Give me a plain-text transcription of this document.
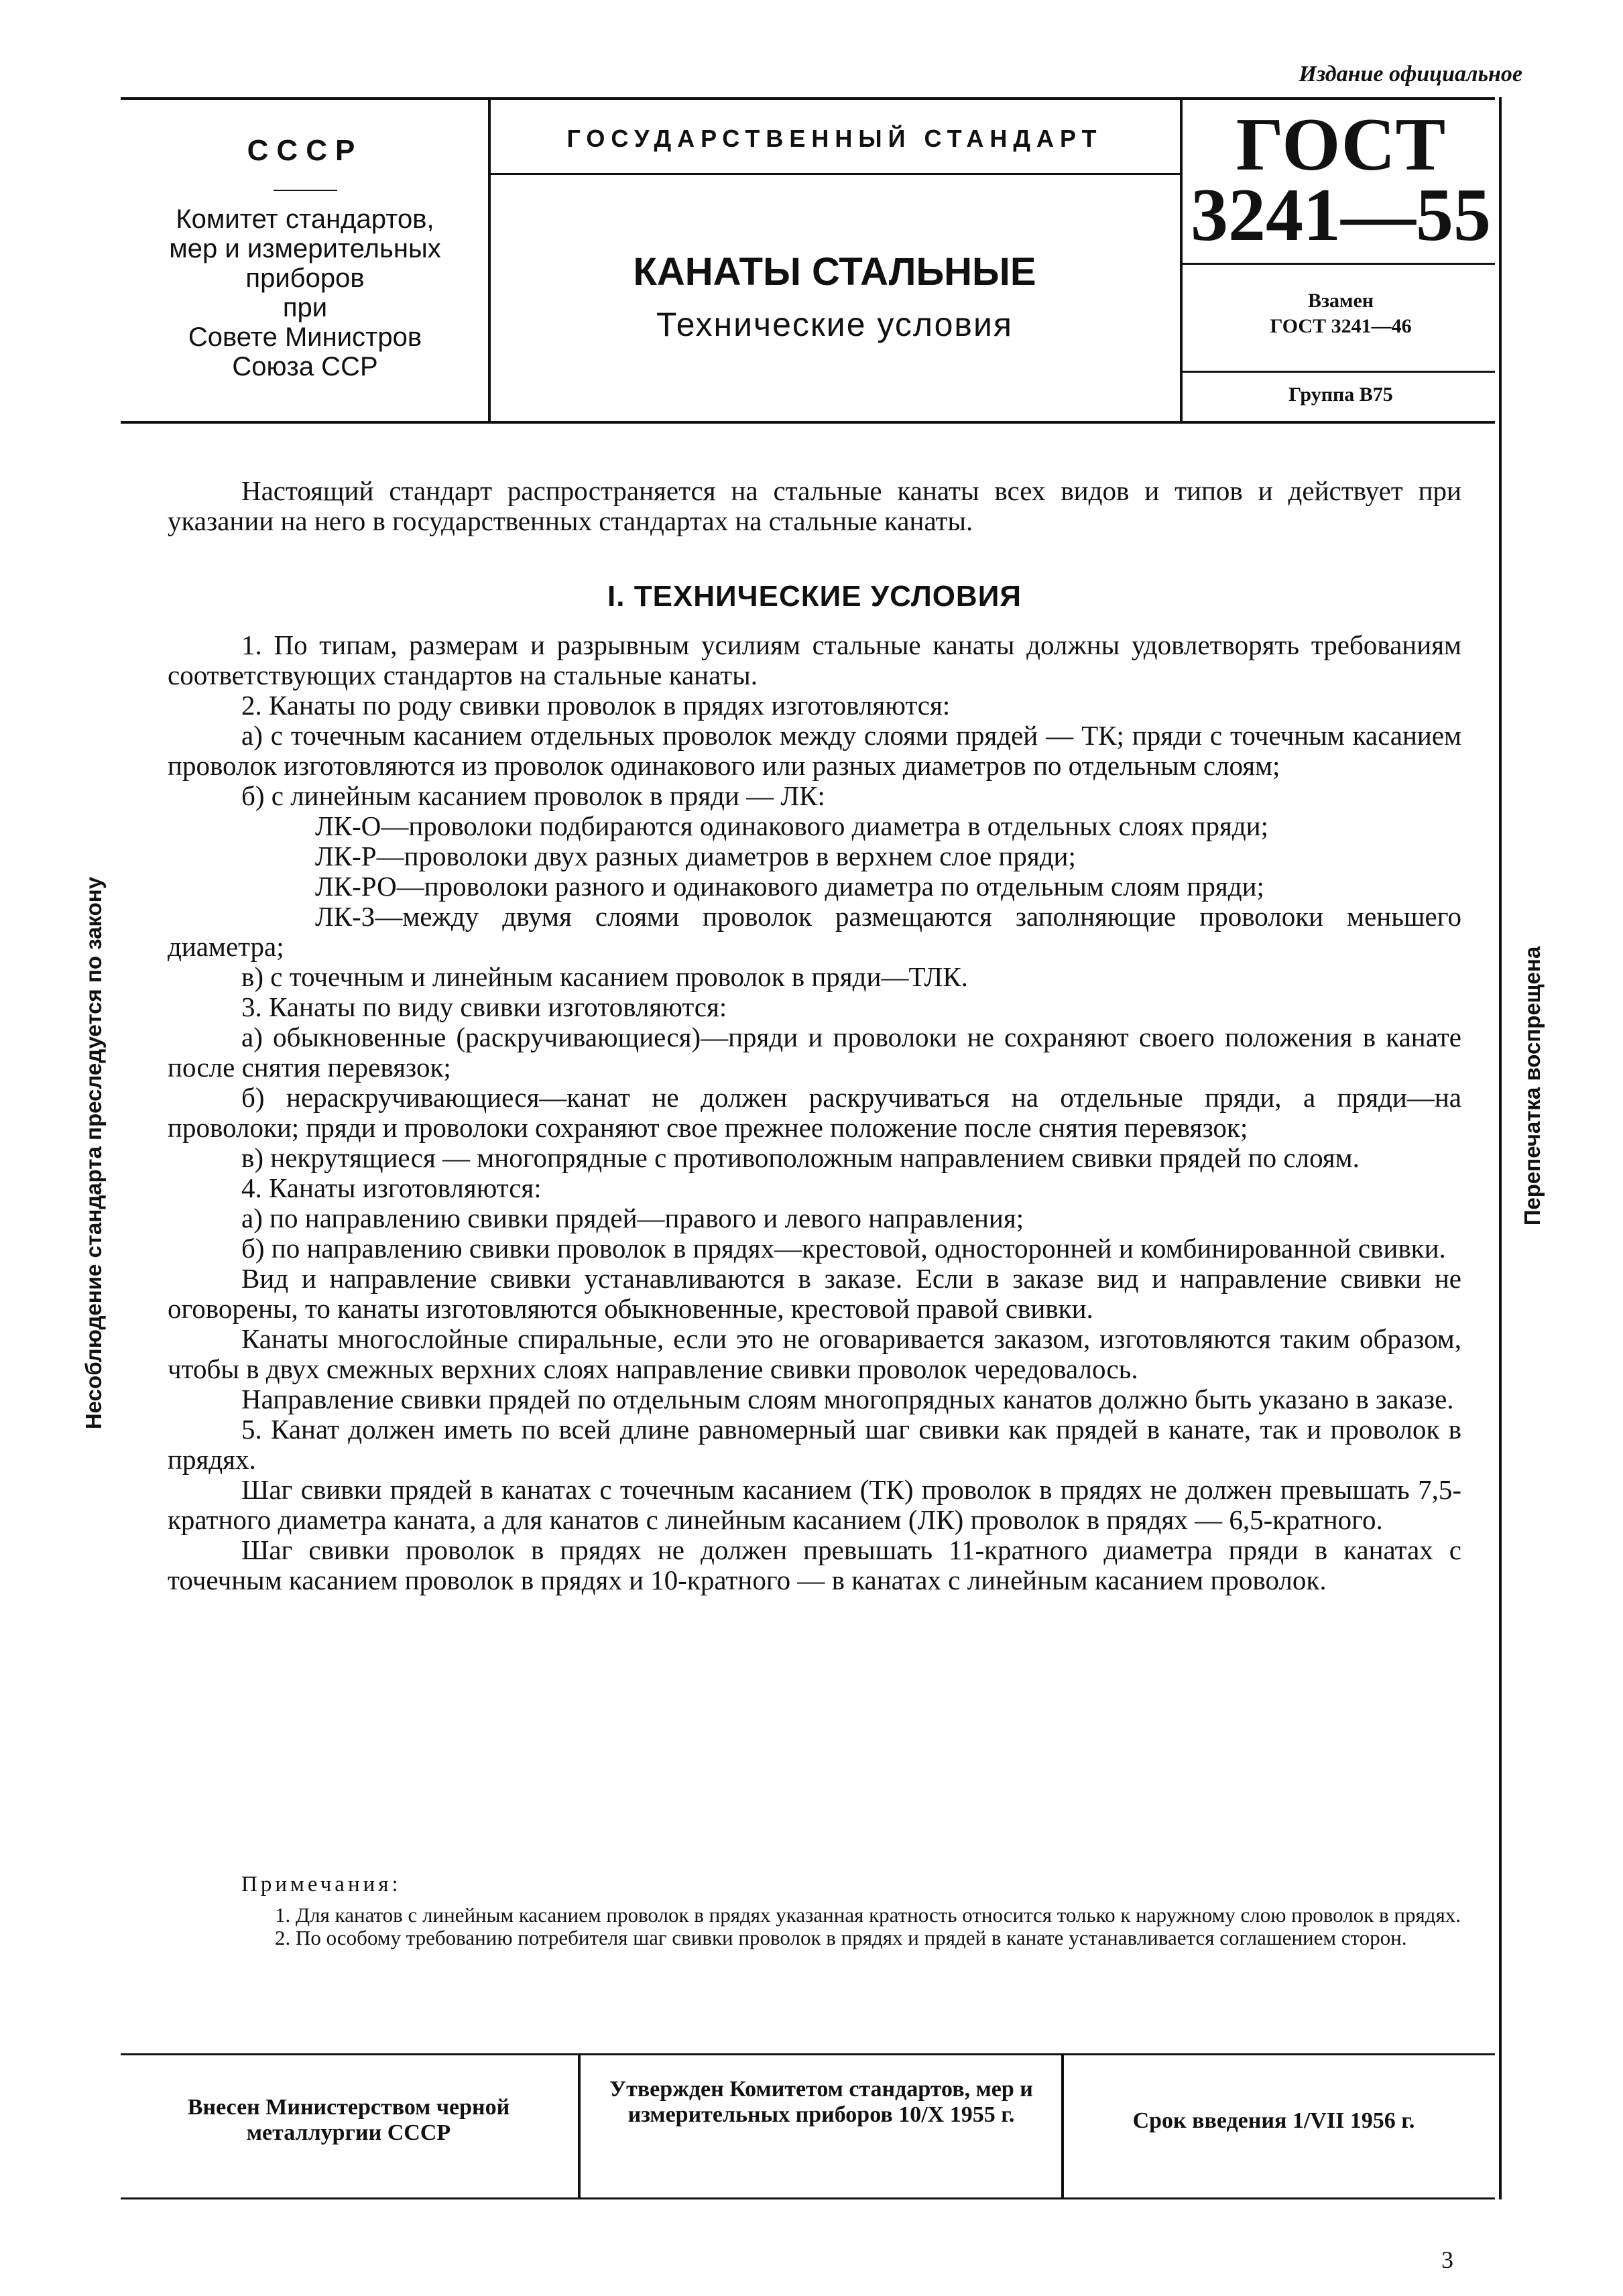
Издание официальное
СССР
Комитет стандартов,
мер и измерительных
приборов
при
Совете Министров
Союза ССР
ГОСУДАРСТВЕННЫЙ СТАНДАРТ
КАНАТЫ СТАЛЬНЫЕ
Технические условия
ГОСТ
3241—55
Взамен
ГОСТ 3241—46
Группа В75
Несоблюдение стандарта преследуется по закону	Перепечатка воспрещена

Настоящий стандарт распространяется на стальные канаты всех видов и типов и действует при указании на него в государственных стандартах на стальные канаты.

I. ТЕХНИЧЕСКИЕ УСЛОВИЯ

1. По типам, размерам и разрывным усилиям стальные канаты должны удовлетворять требованиям соответствующих стандартов на стальные канаты.

2. Канаты по роду свивки проволок в прядях изготовляются:

а) с точечным касанием отдельных проволок между слоями прядей — ТК; пряди с точечным касанием проволок изготовляются из проволок одинакового или разных диаметров по отдельным слоям;

б) с линейным касанием проволок в пряди — ЛК:

ЛК-О—проволоки подбираются одинакового диаметра в отдельных слоях пряди;

ЛК-Р—проволоки двух разных диаметров в верхнем слое пряди;

ЛК-РО—проволоки разного и одинакового диаметра по отдельным слоям пряди;

ЛК-З—между двумя слоями проволок размещаются заполняющие проволоки меньшего диаметра;

в) с точечным и линейным касанием проволок в пряди—ТЛК.

3. Канаты по виду свивки изготовляются:

а) обыкновенные (раскручивающиеся)—пряди и проволоки не сохраняют своего положения в канате после снятия перевязок;

б) нераскручивающиеся—канат не должен раскручиваться на отдельные пряди, а пряди—на проволоки; пряди и проволоки сохраняют свое прежнее положение после снятия перевязок;

в) некрутящиеся — многопрядные с противоположным направлением свивки прядей по слоям.

4. Канаты изготовляются:

а) по направлению свивки прядей—правого и левого направления;

б) по направлению свивки проволок в прядях—крестовой, односторонней и комбинированной свивки.

Вид и направление свивки устанавливаются в заказе. Если в заказе вид и направление свивки не оговорены, то канаты изготовляются обыкновенные, крестовой правой свивки.

Канаты многослойные спиральные, если это не оговаривается заказом, изготовляются таким образом, чтобы в двух смежных верхних слоях направление свивки проволок чередовалось.

Направление свивки прядей по отдельным слоям многопрядных канатов должно быть указано в заказе.

5. Канат должен иметь по всей длине равномерный шаг свивки как прядей в канате, так и проволок в прядях.

Шаг свивки прядей в канатах с точечным касанием (ТК) проволок в прядях не должен превышать 7,5-кратного диаметра каната, а для канатов с линейным касанием (ЛК) проволок в прядях — 6,5-кратного.

Шаг свивки проволок в прядях не должен превышать 11-кратного диаметра пряди в канатах с точечным касанием проволок в прядях и 10-кратного — в канатах с линейным касанием проволок.

Примечания:

1. Для канатов с линейным касанием проволок в прядях указанная кратность относится только к наружному слою проволок в прядях.

2. По особому требованию потребителя шаг свивки проволок в прядях и прядей в канате устанавливается соглашением сторон.

Внесен Министерством черной металлургии СССР
Утвержден Комитетом стандартов, мер и измерительных приборов 10/X 1955 г.	Срок введения 1/VII 1956 г.
3
